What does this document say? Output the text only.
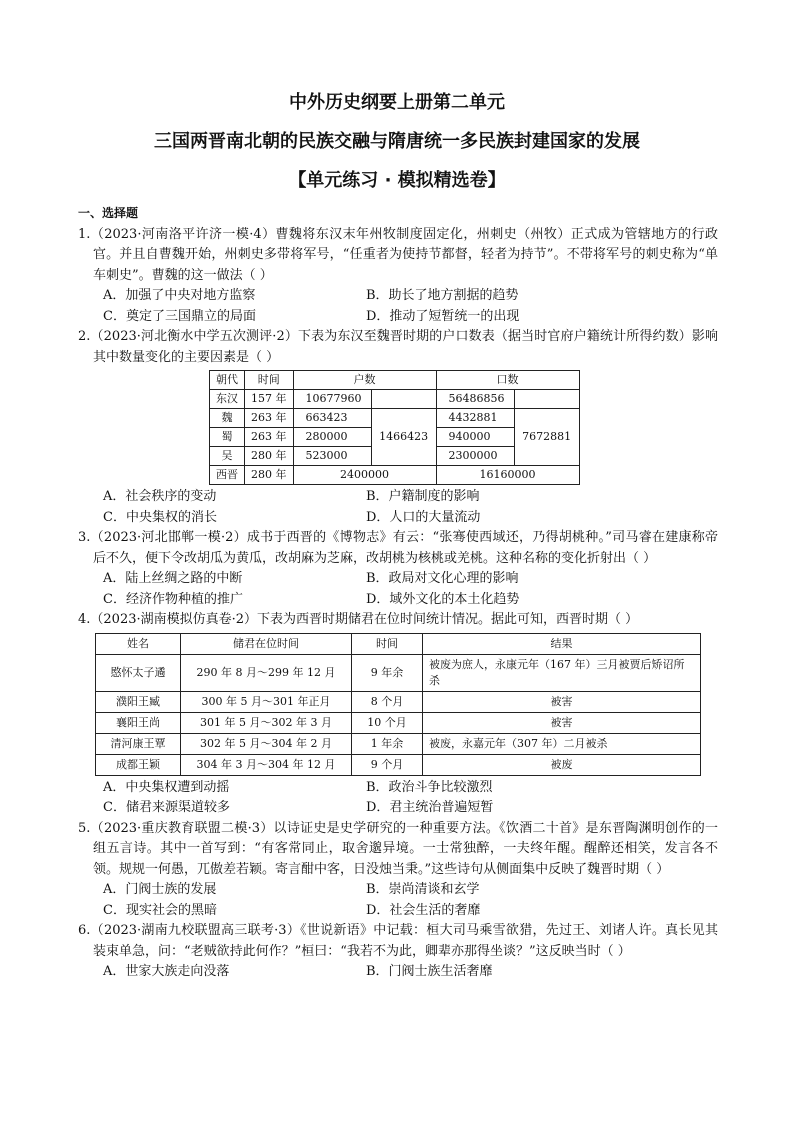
中外历史纲要上册第二单元
三国两晋南北朝的民族交融与隋唐统一多民族封建国家的发展
【单元练习 · 模拟精选卷】
一、选择题
1.（2023·河南洛平许济一模·4）曹魏将东汉末年州牧制度固定化，州刺史（州牧）正式成为管辖地方的行政官。并且自曹魏开始，州刺史多带将军号，“任重者为使持节都督，轻者为持节”。不带将军号的刺史称为“单车刺史”。曹魏的这一做法（ ）
A．加强了中央对地方监察	B．助长了地方割据的趋势
C．奠定了三国鼎立的局面	D．推动了短暂统一的出现
2.（2023·河北衡水中学五次测评·2）下表为东汉至魏晋时期的户口数表（据当时官府户籍统计所得约数）影响其中数量变化的主要因素是（ ）
朝代	时间	户数		口数	
东汉	157 年	10677960		56486856	
魏	263 年	663423	1466423	4432881	7672881
蜀	263 年	280000		940000	
吴	280 年	523000		2300000	
西晋	280 年	2400000		16160000	
A．社会秩序的变动	B．户籍制度的影响
C．中央集权的消长	D．人口的大量流动
3.（2023·河北邯郸一模·2）成书于西晋的《博物志》有云：“张骞使西域还，乃得胡桃种。”司马睿在建康称帝后不久，便下令改胡瓜为黄瓜，改胡麻为芝麻，改胡桃为核桃或羌桃。这种名称的变化折射出（ ）
A．陆上丝绸之路的中断	B．政局对文化心理的影响
C．经济作物种植的推广	D．域外文化的本土化趋势
4.（2023·湖南模拟仿真卷·2）下表为西晋时期储君在位时间统计情况。据此可知，西晋时期（ ）
姓名	储君在位时间	时间	结果
愍怀太子遹	290 年 8 月～299 年 12 月	9 年余	被废为庶人，永康元年（167 年）三月被贾后矫诏所杀
濮阳王臧	300 年 5 月～301 年正月	8 个月	被害
襄阳王尚	301 年 5 月～302 年 3 月	10 个月	被害
清河康王覃	302 年 5 月～304 年 2 月	1 年余	被废，永嘉元年（307 年）二月被杀
成都王颖	304 年 3 月～304 年 12 月	9 个月	被废
A．中央集权遭到动摇	B．政治斗争比较激烈
C．储君来源渠道较多	D．君主统治普遍短暂
5.（2023·重庆教育联盟二模·3）以诗证史是史学研究的一种重要方法。《饮酒二十首》是东晋陶渊明创作的一组五言诗。其中一首写到：“有客常同止，取舍邈异境。一士常独醉，一夫终年醒。醒醉还相笑，发言各不领。规规一何愚，兀傲差若颖。寄言酣中客，日没烛当秉。”这些诗句从侧面集中反映了魏晋时期（ ）
A．门阀士族的发展	B．崇尚清谈和玄学
C．现实社会的黑暗	D．社会生活的奢靡
6.（2023·湖南九校联盟高三联考·3）《世说新语》中记载：桓大司马乘雪欲猎，先过王、刘诸人许。真长见其装束单急，问：“老贼欲持此何作？”桓曰：“我若不为此，卿辈亦那得坐谈？”这反映当时（ ）
A．世家大族走向没落	B．门阀士族生活奢靡
